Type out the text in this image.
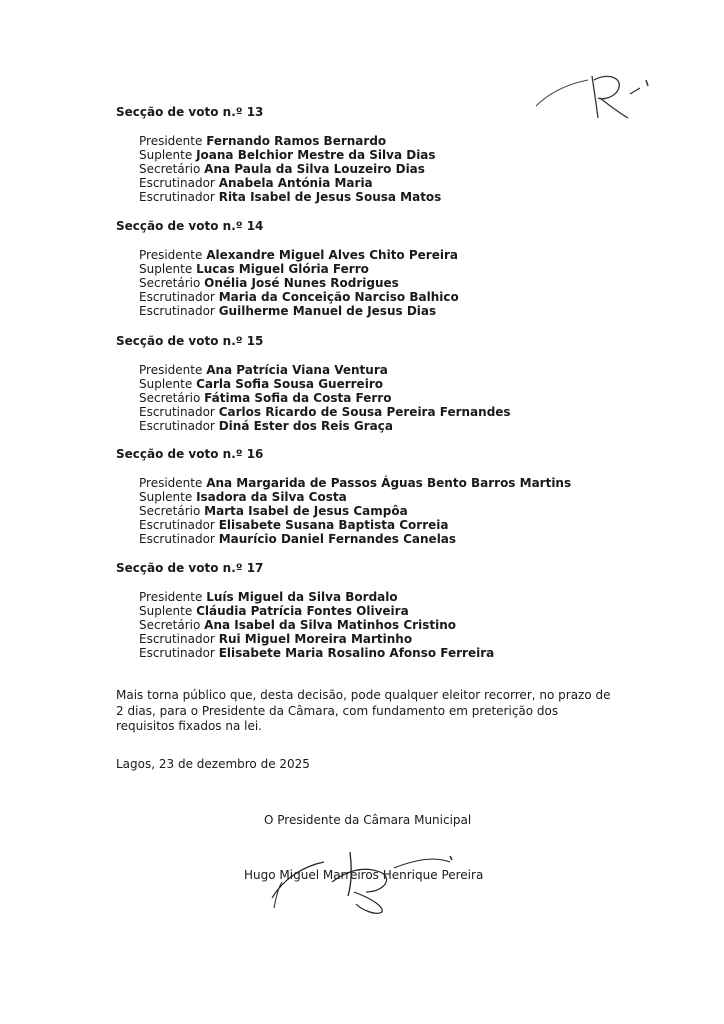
Secção de voto n.º 13
Presidente Fernando Ramos Bernardo
Suplente Joana Belchior Mestre da Silva Dias
Secretário Ana Paula da Silva Louzeiro Dias
Escrutinador Anabela Antónia Maria
Escrutinador Rita Isabel de Jesus Sousa Matos
Secção de voto n.º 14
Presidente Alexandre Miguel Alves Chito Pereira
Suplente Lucas Miguel Glória Ferro
Secretário Onélia José Nunes Rodrigues
Escrutinador Maria da Conceição Narciso Balhico
Escrutinador Guilherme Manuel de Jesus Dias
Secção de voto n.º 15
Presidente Ana Patrícia Viana Ventura
Suplente Carla Sofia Sousa Guerreiro
Secretário Fátima Sofia da Costa Ferro
Escrutinador Carlos Ricardo de Sousa Pereira Fernandes
Escrutinador Diná Ester dos Reis Graça
Secção de voto n.º 16
Presidente Ana Margarida de Passos Águas Bento Barros Martins
Suplente Isadora da Silva Costa
Secretário Marta Isabel de Jesus Campôa
Escrutinador Elisabete Susana Baptista Correia
Escrutinador Maurício Daniel Fernandes Canelas
Secção de voto n.º 17
Presidente Luís Miguel da Silva Bordalo
Suplente Cláudia Patrícia Fontes Oliveira
Secretário Ana Isabel da Silva Matinhos Cristino
Escrutinador Rui Miguel Moreira Martinho
Escrutinador Elisabete Maria Rosalino Afonso Ferreira
Mais torna público que, desta decisão, pode qualquer eleitor recorrer, no prazo de 2 dias, para o Presidente da Câmara, com fundamento em preterição dos requisitos fixados na lei.
Lagos, 23 de dezembro de 2025
O Presidente da Câmara Municipal
Hugo Miguel Marreiros Henrique Pereira
